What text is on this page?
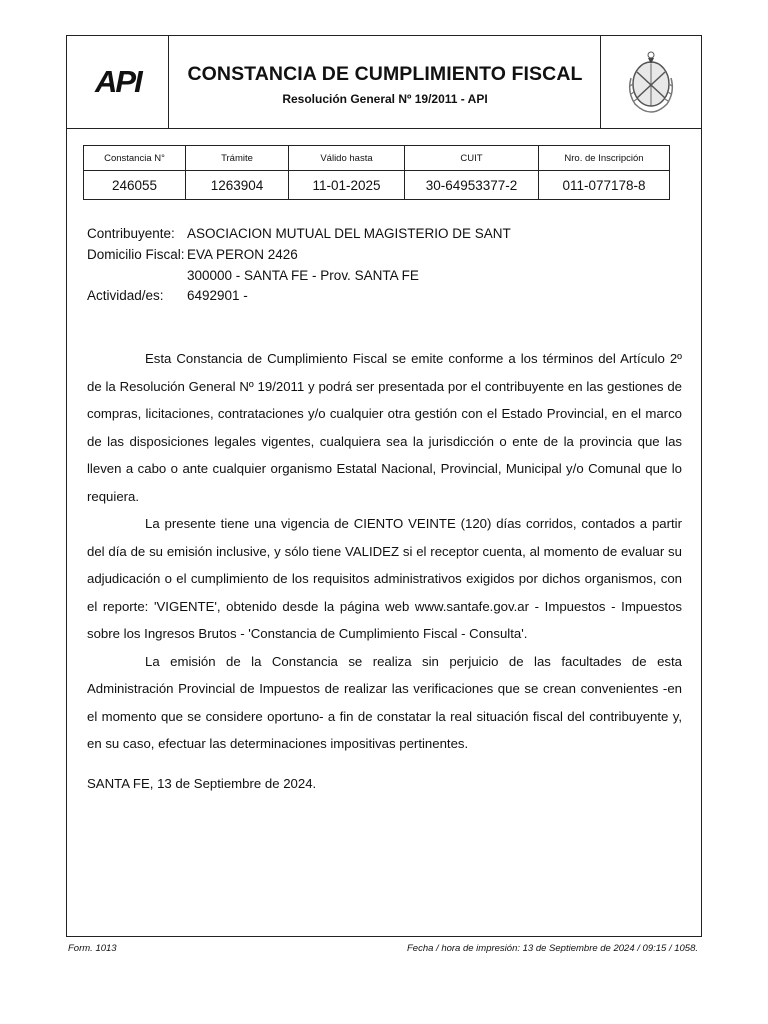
API	CONSTANCIA DE CUMPLIMIENTO FISCAL
Resolución General Nº 19/2011 - API
Constancia N°	Trámite	Válido hasta	CUIT	Nro. de Inscripción
246055	1263904	11-01-2025	30-64953377-2	011-077178-8
Contribuyente: ASOCIACION MUTUAL DEL MAGISTERIO DE SANT
Domicilio Fiscal: EVA PERON 2426
300000 - SANTA FE - Prov. SANTA FE
Actividad/es: 6492901 -

Esta Constancia de Cumplimiento Fiscal se emite conforme a los términos del Artículo 2º de la Resolución General Nº 19/2011 y podrá ser presentada por el contribuyente en las gestiones de compras, licitaciones, contrataciones y/o cualquier otra gestión con el Estado Provincial, en el marco de las disposiciones legales vigentes, cualquiera sea la jurisdicción o ente de la provincia que las lleven a cabo o ante cualquier organismo Estatal Nacional, Provincial, Municipal y/o Comunal que lo requiera.

La presente tiene una vigencia de CIENTO VEINTE (120) días corridos, contados a partir del día de su emisión inclusive, y sólo tiene VALIDEZ si el receptor cuenta, al momento de evaluar su adjudicación o el cumplimiento de los requisitos administrativos exigidos por dichos organismos, con el reporte: 'VIGENTE', obtenido desde la página web www.santafe.gov.ar - Impuestos - Impuestos sobre los Ingresos Brutos - 'Constancia de Cumplimiento Fiscal - Consulta'.

La emisión de la Constancia se realiza sin perjuicio de las facultades de esta Administración Provincial de Impuestos de realizar las verificaciones que se crean convenientes -en el momento que se considere oportuno- a fin de constatar la real situación fiscal del contribuyente y, en su caso, efectuar las determinaciones impositivas pertinentes.

SANTA FE, 13 de Septiembre de 2024.
Form. 1013	Fecha / hora de impresión: 13 de Septiembre de 2024 / 09:15 / 1058.
